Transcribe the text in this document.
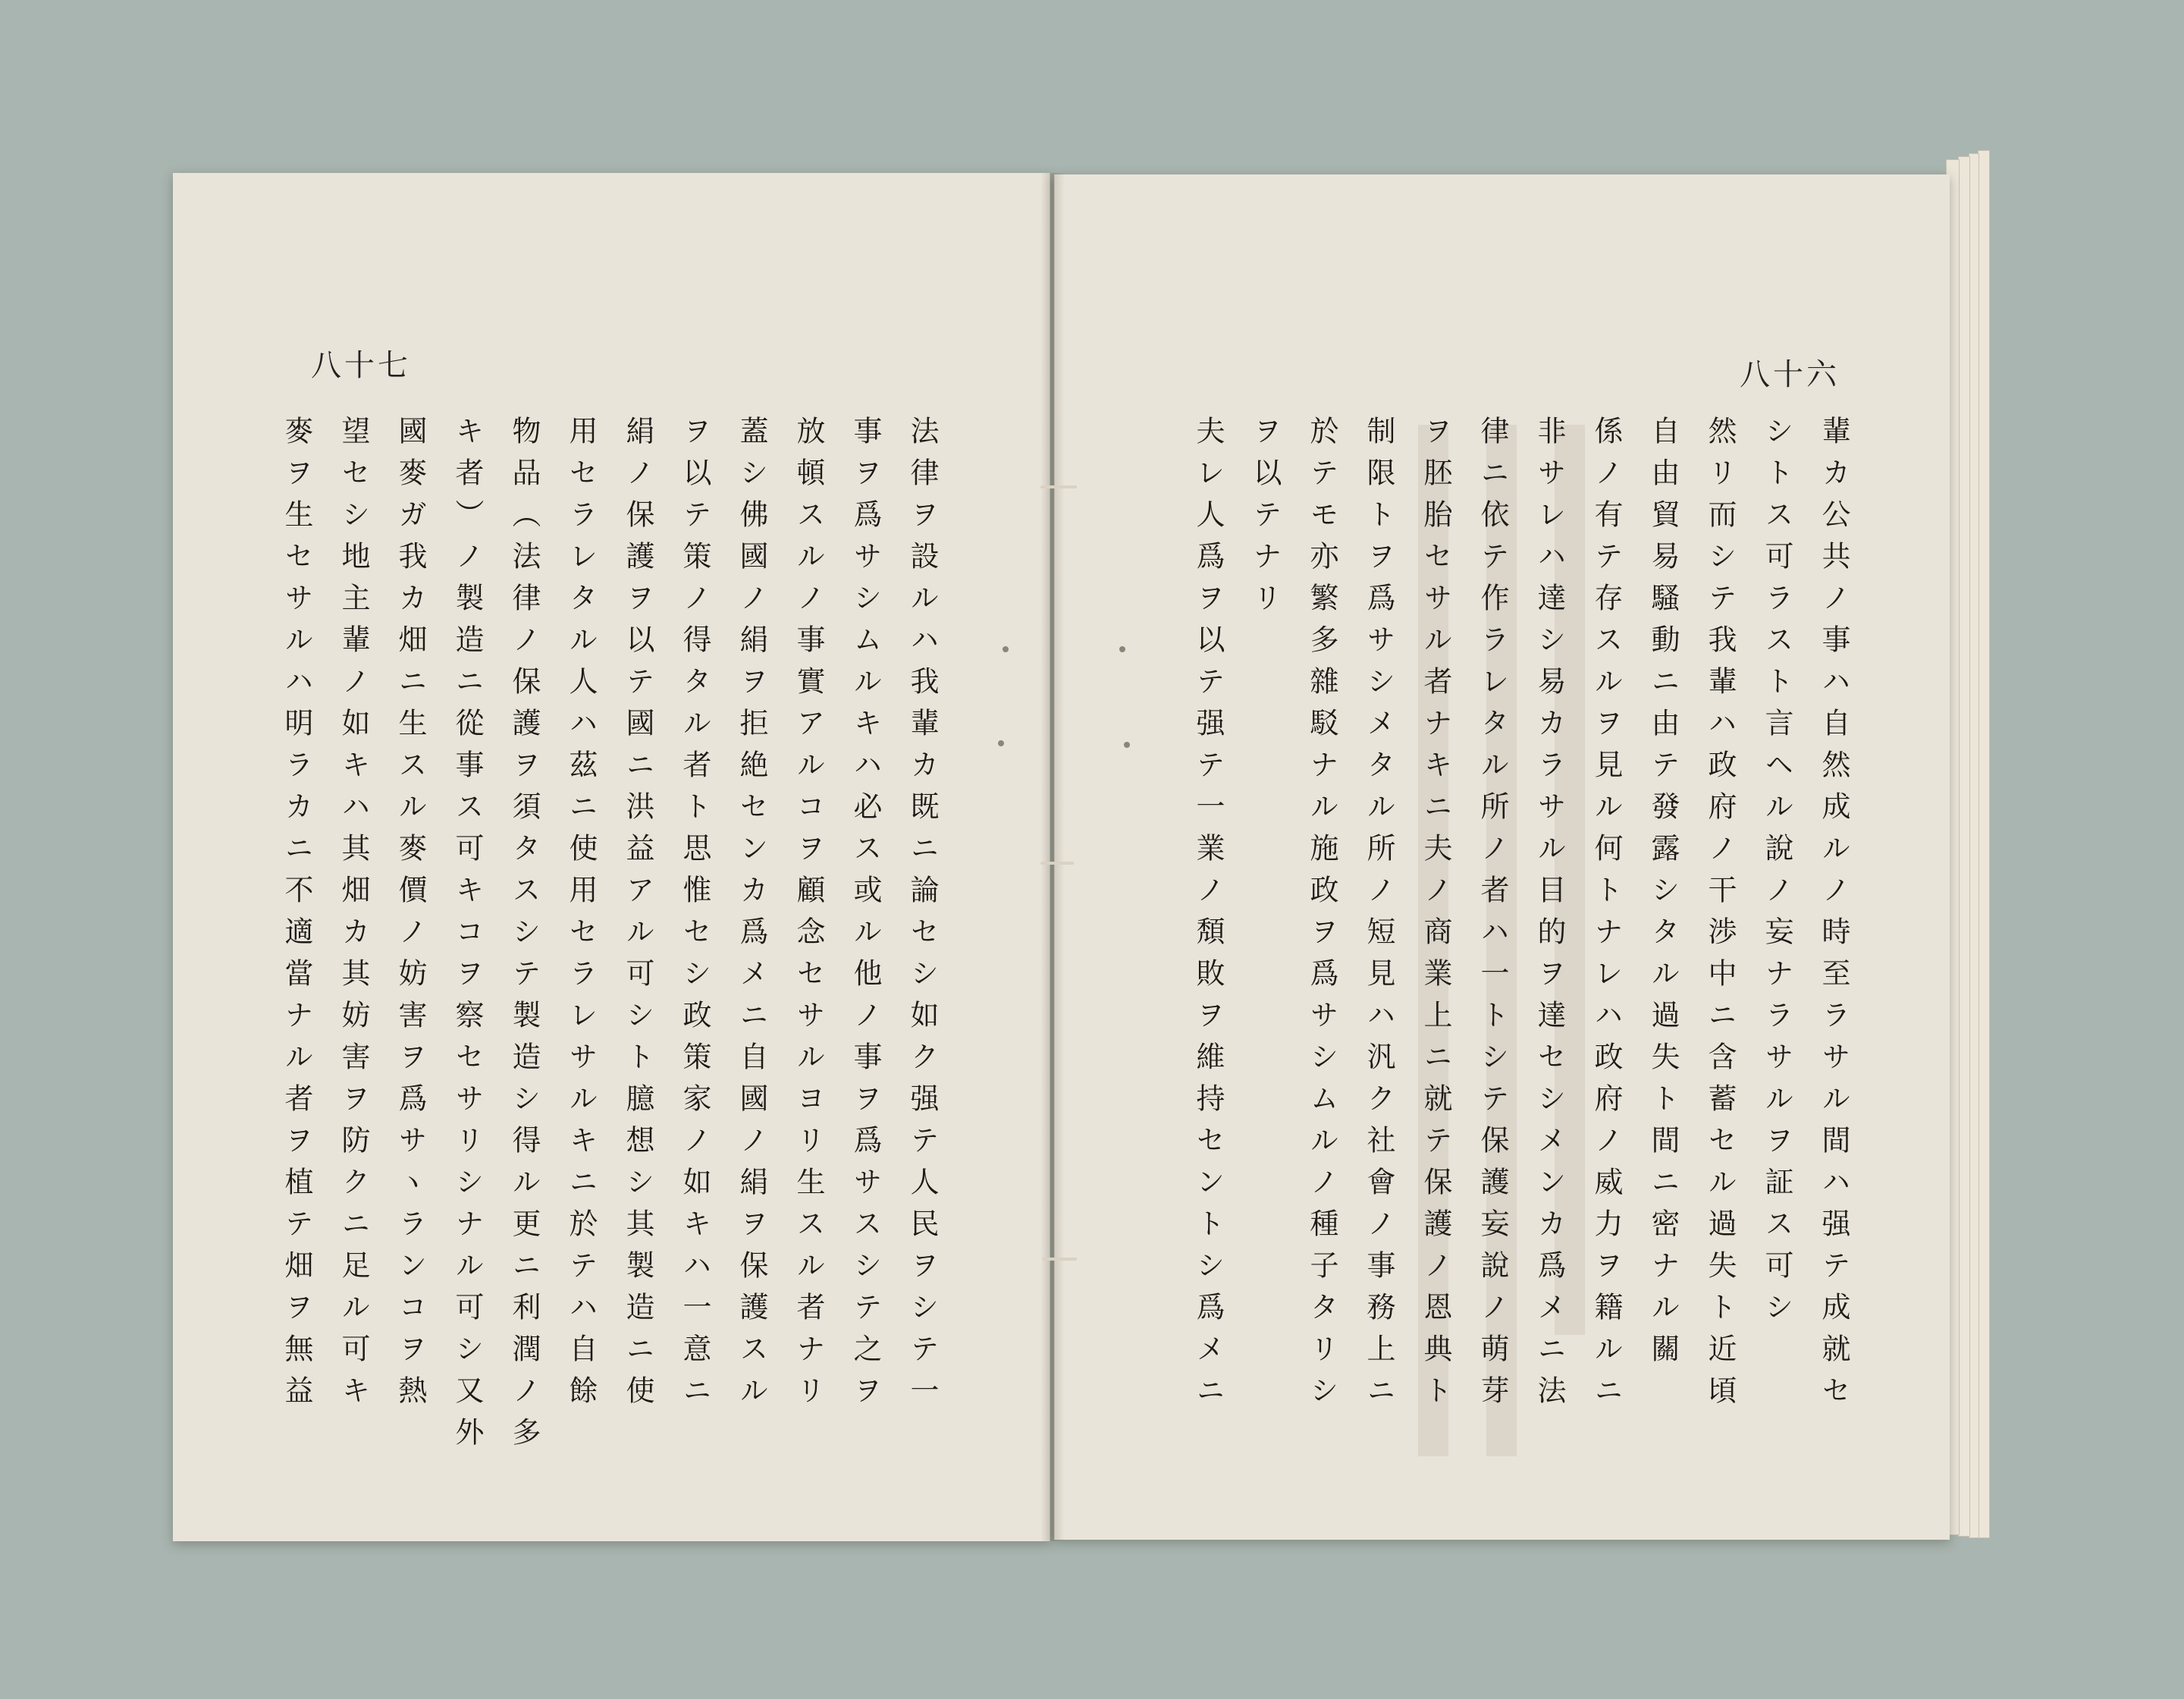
八十七	八十六
法律ヲ設ルハ我輩カ既ニ論セシ如ク强テ人民ヲシテ一
事ヲ爲サシムルキハ必ス或ル他ノ事ヲ爲サスシテ之ヲ
放頓スルノ事實アルコヲ顧念セサルヨリ生スル者ナリ
蓋シ佛國ノ絹ヲ拒絶センカ爲メニ自國ノ絹ヲ保護スル
ヲ以テ策ノ得タル者ト思惟セシ政策家ノ如キハ一意ニ
絹ノ保護ヲ以テ國ニ洪益アル可シト臆想シ其製造ニ使
用セラレタル人ハ茲ニ使用セラレサルキニ於テハ自餘
物品（法律ノ保護ヲ須タスシテ製造シ得ル更ニ利潤ノ多
キ者）ノ製造ニ從事ス可キコヲ察セサリシナル可シ又外
國麥ガ我カ畑ニ生スル麥價ノ妨害ヲ爲サヽランコヲ熱
望セシ地主輩ノ如キハ其畑カ其妨害ヲ防クニ足ル可キ
麥ヲ生セサルハ明ラカニ不適當ナル者ヲ植テ畑ヲ無益	輩カ公共ノ事ハ自然成ルノ時至ラサル間ハ强テ成就セ
シトス可ラスト言ヘル說ノ妄ナラサルヲ証ス可シ
然リ而シテ我輩ハ政府ノ干渉中ニ含蓄セル過失ト近頃
自由貿易騷動ニ由テ發露シタル過失ト間ニ密ナル關
係ノ有テ存スルヲ見ル何トナレハ政府ノ威力ヲ籍ルニ
非サレハ達シ易カラサル目的ヲ達セシメンカ爲メニ法
律ニ依テ作ラレタル所ノ者ハ一トシテ保護妄說ノ萌芽
ヲ胚胎セサル者ナキニ夫ノ商業上ニ就テ保護ノ恩典ト
制限トヲ爲サシメタル所ノ短見ハ汎ク社會ノ事務上ニ
於テモ亦繁多雜駁ナル施政ヲ爲サシムルノ種子タリシ
ヲ以テナリ
夫レ人爲ヲ以テ强テ一業ノ頽敗ヲ維持セントシ爲メニ
